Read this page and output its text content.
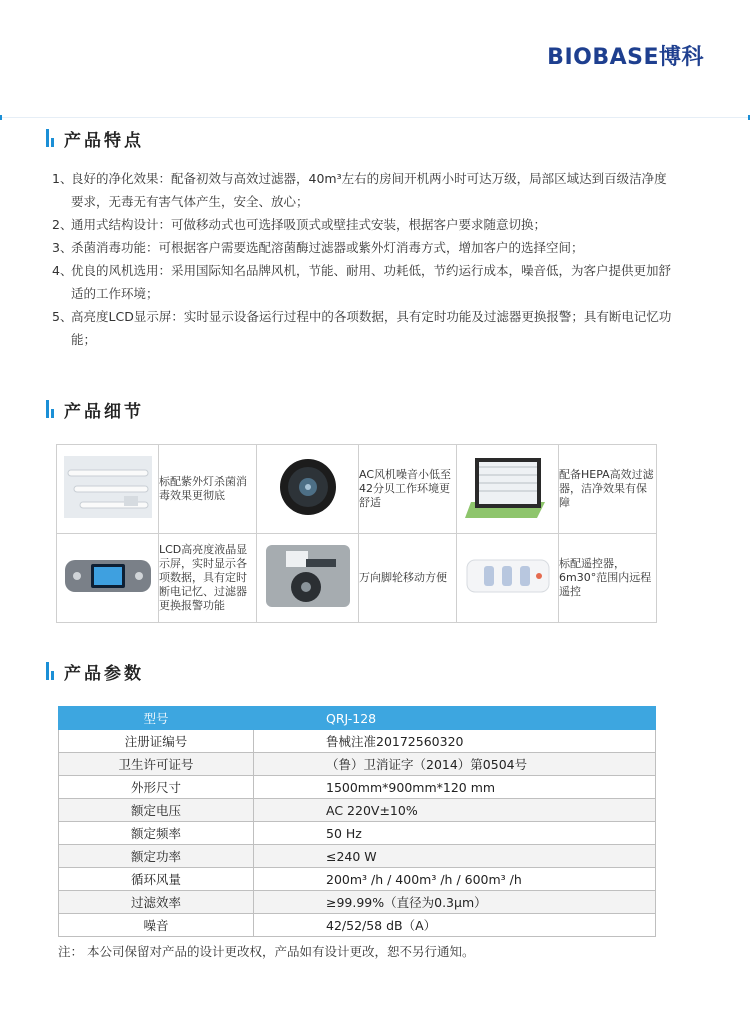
BIOBASE博科
产品特点
1、
良好的净化效果：配备初效与高效过滤器，40m³左右的房间开机两小时可达万级，局部区域达到百级洁净度要求，无毒无有害气体产生，安全、放心；
2、
通用式结构设计：可做移动式也可选择吸顶式或壁挂式安装，根据客户要求随意切换；
3、
杀菌消毒功能：可根据客户需要选配溶菌酶过滤器或紫外灯消毒方式，增加客户的选择空间；
4、
优良的风机选用：采用国际知名品牌风机，节能、耐用、功耗低，节约运行成本，噪音低，为客户提供更加舒适的工作环境；
5、
高亮度LCD显示屏：实时显示设备运行过程中的各项数据，具有定时功能及过滤器更换报警；具有断电记忆功能；
产品细节
	标配紫外灯杀菌消毒效果更彻底		AC风机噪音小低至42分贝工作环境更舒适		配备HEPA高效过滤器，洁净效果有保障
	LCD高亮度液晶显示屏，实时显示各项数据，具有定时断电记忆、过滤器更换报警功能		万向脚轮移动方便		标配遥控器，6m30°范围内远程遥控
产品参数
型号	QRJ-128
注册证编号	鲁械注准20172560320
卫生许可证号	（鲁）卫消证字（2014）第0504号
外形尺寸	1500mm*900mm*120 mm
额定电压	AC 220V±10%
额定频率	50 Hz
额定功率	≤240 W
循环风量	200m³ /h / 400m³ /h / 600m³ /h
过滤效率	≥99.99%（直径为0.3μm）
噪音	42/52/58 dB（A）
注： 本公司保留对产品的设计更改权，产品如有设计更改，恕不另行通知。
